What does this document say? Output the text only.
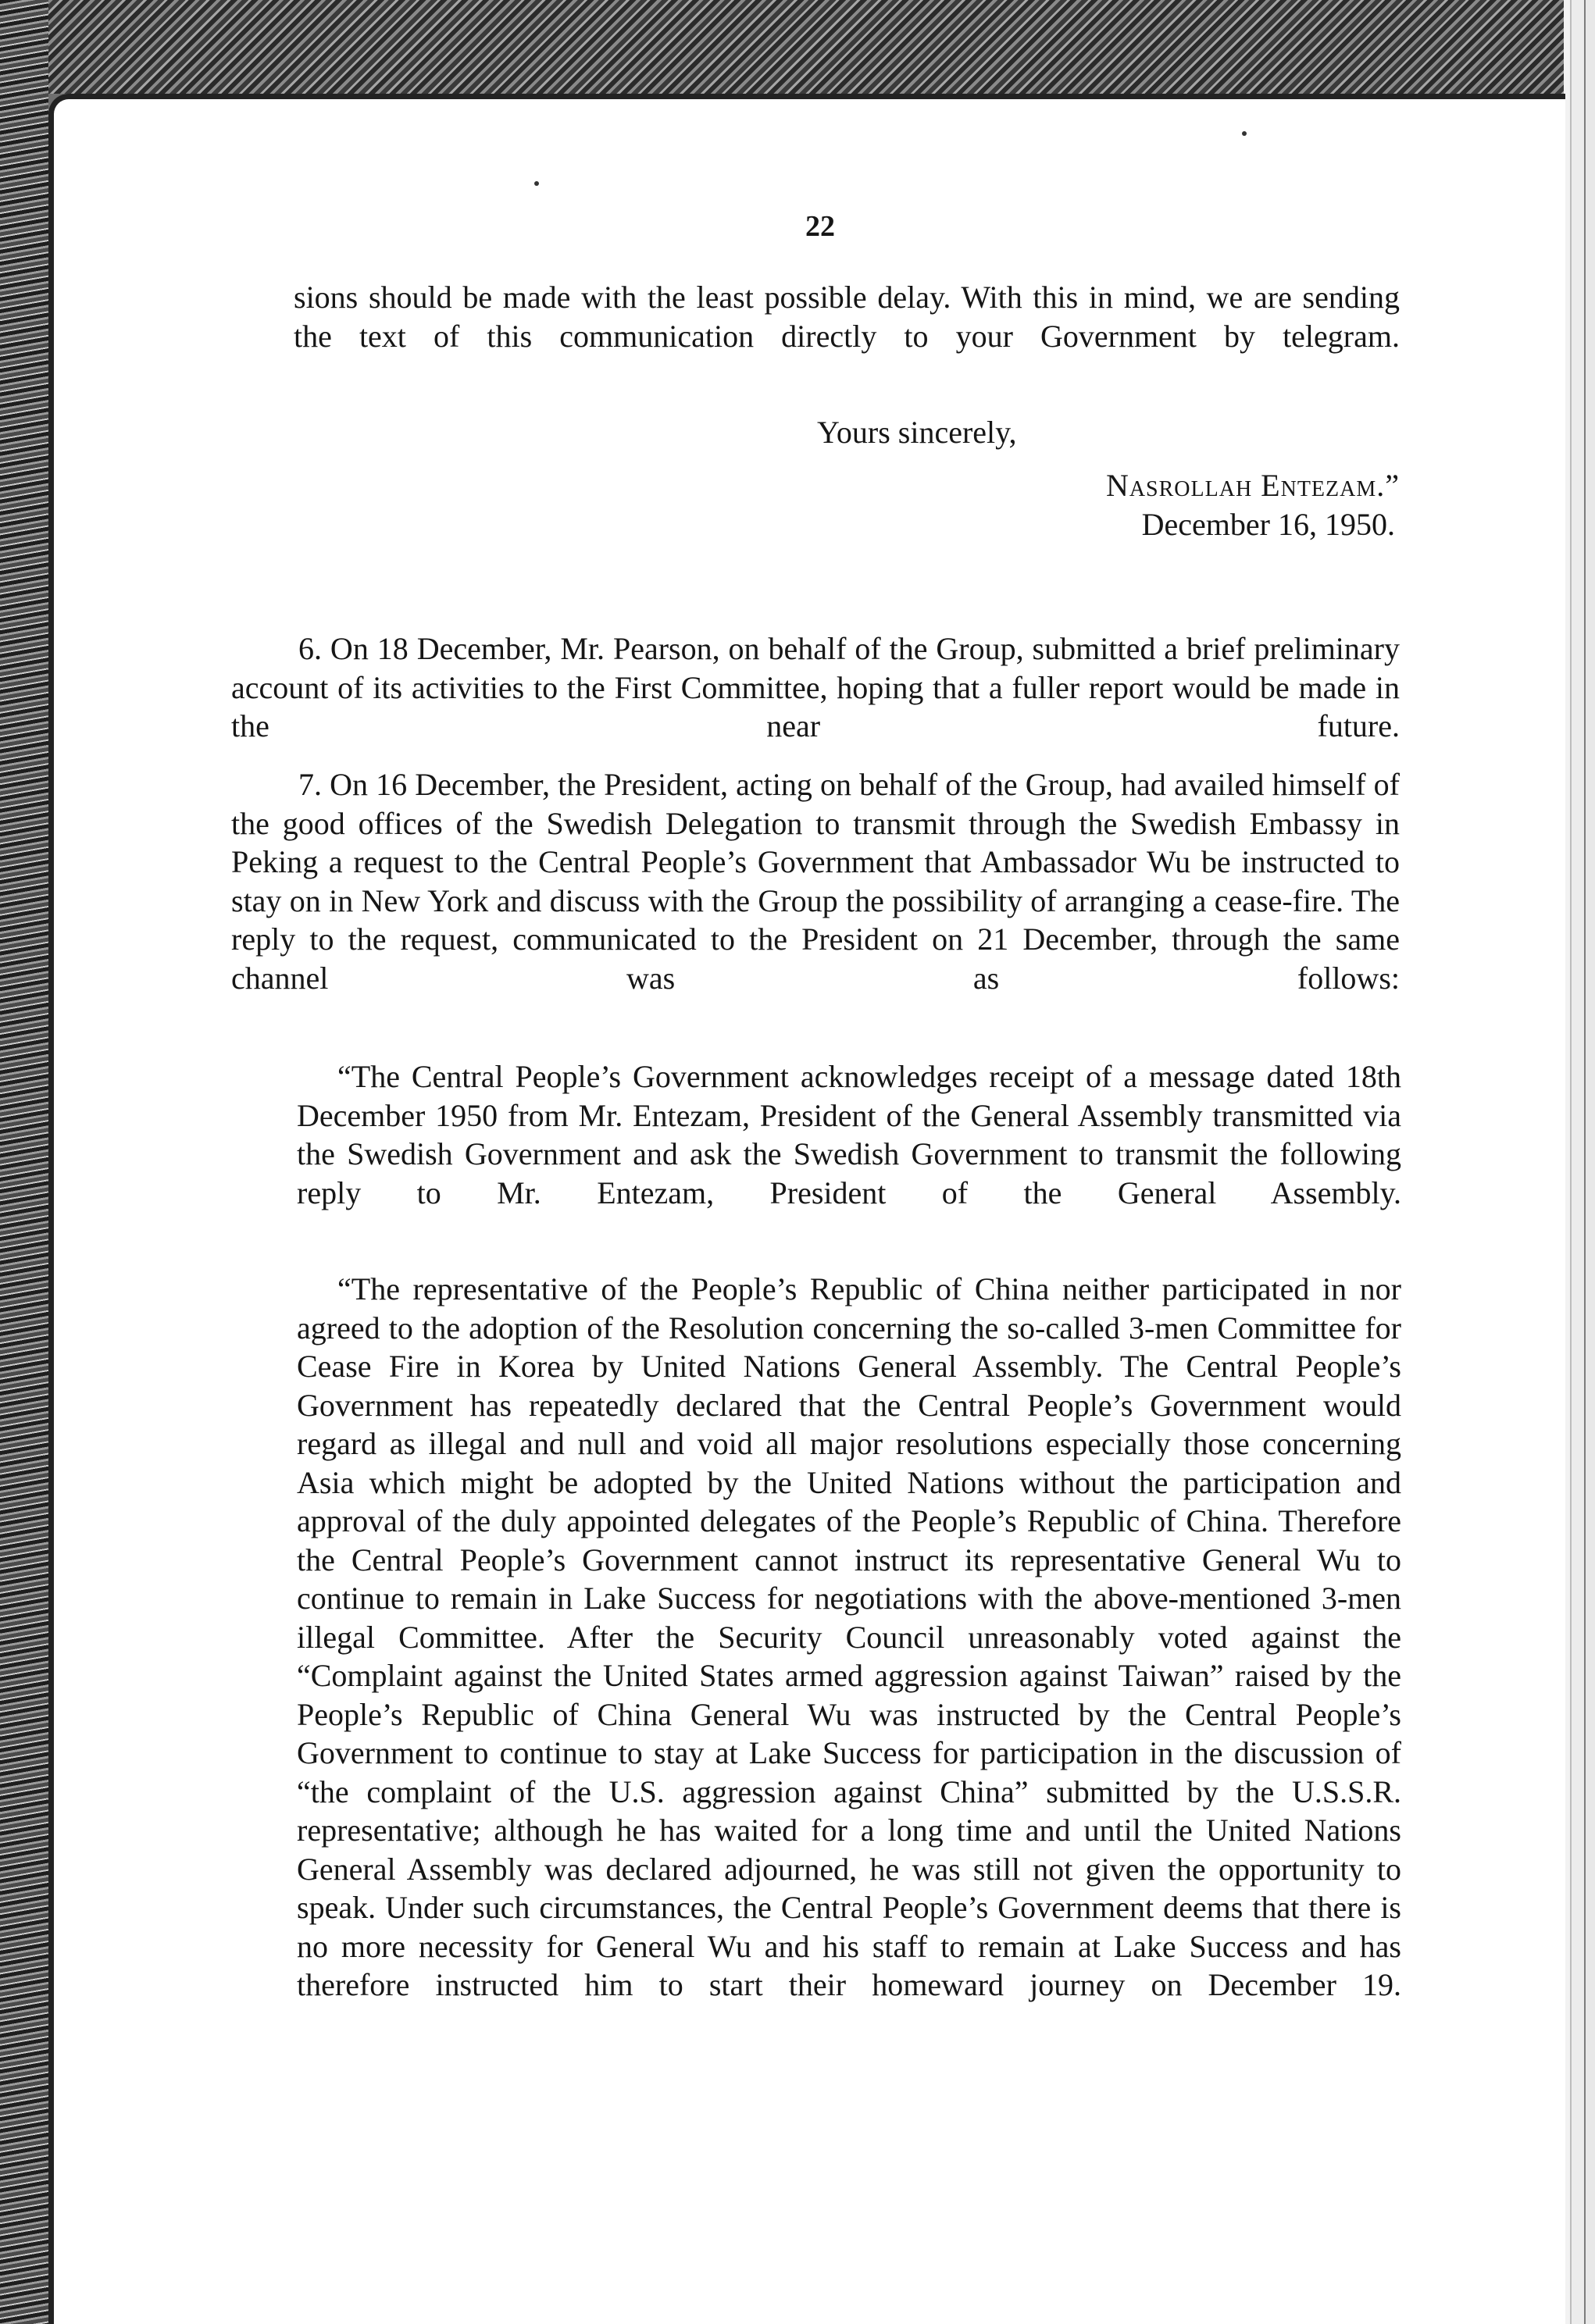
22

sions should be made with the least possible delay. With this in mind, we are sending the text of this communication directly to your Government by telegram.

Yours sincerely,
Nasrollah Entezam.”
December 16, 1950.

6. On 18 December, Mr. Pearson, on behalf of the Group, submitted a brief preliminary account of its activities to the First Committee, hoping that a fuller report would be made in the near future.

7. On 16 December, the President, acting on behalf of the Group, had availed himself of the good offices of the Swedish Delegation to transmit through the Swedish Embassy in Peking a request to the Central People’s Government that Ambassador Wu be instructed to stay on in New York and discuss with the Group the possibility of arranging a cease-fire. The reply to the request, communicated to the President on 21 December, through the same channel was as follows:

“The Central People’s Government acknowledges receipt of a message dated 18th December 1950 from Mr. Entezam, President of the General Assembly transmitted via the Swedish Government and ask the Swedish Government to transmit the following reply to Mr. Entezam, President of the General Assembly.

“The representative of the People’s Republic of China neither participated in nor agreed to the adoption of the Resolution concerning the so-called 3-men Committee for Cease Fire in Korea by United Nations General Assembly. The Central People’s Government has repeatedly declared that the Central People’s Government would regard as illegal and null and void all major resolutions especially those concerning Asia which might be adopted by the United Nations without the participation and approval of the duly appointed delegates of the People’s Republic of China. Therefore the Central People’s Government cannot instruct its representative General Wu to continue to remain in Lake Success for negotiations with the above-mentioned 3-men illegal Committee. After the Security Council unreasonably voted against the “Complaint against the United States armed aggression against Taiwan” raised by the People’s Republic of China General Wu was instructed by the Central People’s Government to continue to stay at Lake Success for participation in the discussion of “the complaint of the U.S. aggression against China” submitted by the U.S.S.R. representative; although he has waited for a long time and until the United Nations General Assembly was declared adjourned, he was still not given the opportunity to speak. Under such circumstances, the Central People’s Government deems that there is no more necessity for General Wu and his staff to remain at Lake Success and has therefore instructed him to start their homeward journey on December 19.
